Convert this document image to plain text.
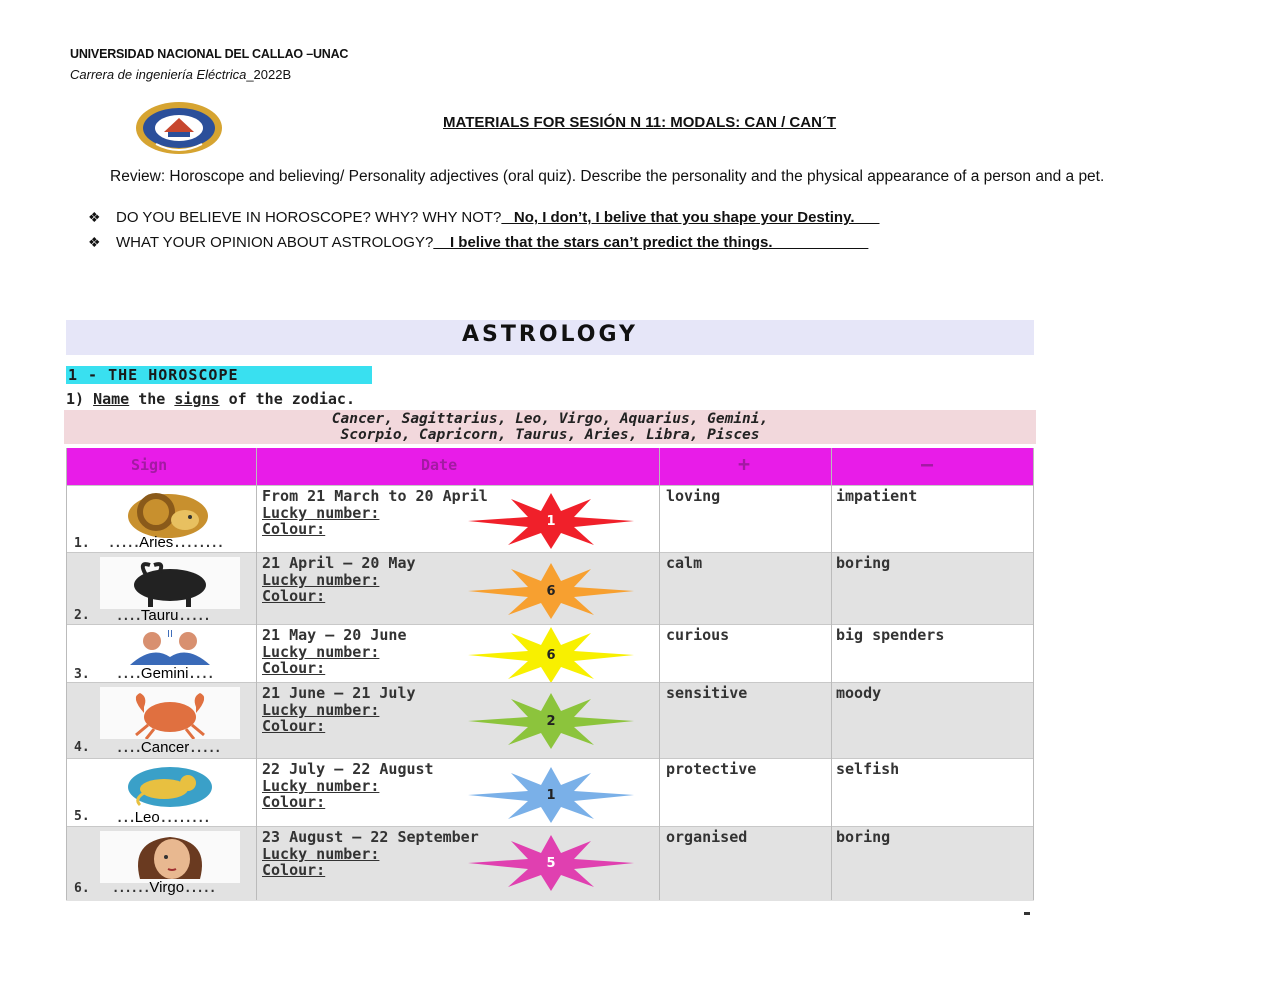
UNIVERSIDAD NACIONAL DEL CALLAO –UNAC
Carrera de ingeniería Eléctrica_2022B
MATERIALS FOR SESIÓN N 11: MODALS: CAN / CAN´T
Review: Horoscope and believing/ Personality adjectives (oral quiz). Describe the personality and the physical appearance of a person and a pet.
❖	DO YOU BELIEVE IN HOROSCOPE? WHY? WHY NOT? No, I don’t, I belive that you shape your Destiny.
❖	WHAT YOUR OPINION ABOUT ASTROLOGY? I belive that the stars can’t predict the things.
ASTROLOGY
1 - THE HOROSCOPE
1) Name the signs of the zodiac.
Cancer, Sagittarius, Leo, Virgo, Aquarius, Gemini,
Scorpio, Capricorn, Taurus, Aries, Libra, Pisces
Sign	Date	+	–
1. .....Aries........
From 21 March to 20 April
Lucky number:
Colour:	1
loving	impatient
2. ....Tauru.....
21 April – 20 May
Lucky number:
Colour:	6
calm	boring
II
3. ....Gemini....
21 May – 20 June
Lucky number:
Colour:
6
curious	big spenders
4. ....Cancer.....
21 June – 21 July
Lucky number:
Colour:	2
sensitive	moody
5. ...Leo........
22 July – 22 August
Lucky number:
Colour:	1
protective	selfish
6. ......Virgo.....
23 August – 22 September
Lucky number:
Colour:	5
organised	boring
